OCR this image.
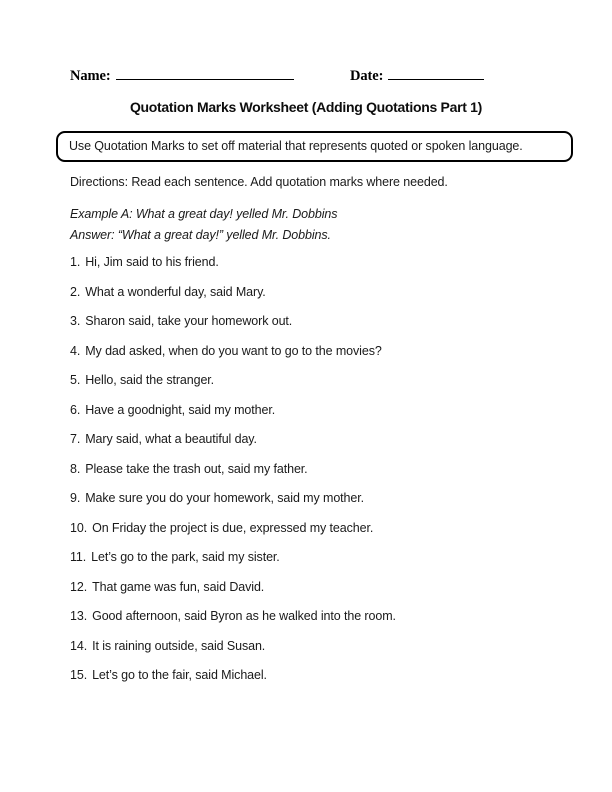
Name:	Date:
Quotation Marks Worksheet (Adding Quotations Part 1)
Use Quotation Marks to set off material that represents quoted or spoken language.

Directions: Read each sentence. Add quotation marks where needed.

Example A: What a great day! yelled Mr. Dobbins

Answer: “What a great day!” yelled Mr. Dobbins.

1. Hi, Jim said to his friend.
2. What a wonderful day, said Mary.
3. Sharon said, take your homework out.
4. My dad asked, when do you want to go to the movies?
5. Hello, said the stranger.
6. Have a goodnight, said my mother.
7. Mary said, what a beautiful day.
8. Please take the trash out, said my father.
9. Make sure you do your homework, said my mother.
10. On Friday the project is due, expressed my teacher.
11. Let’s go to the park, said my sister.
12. That game was fun, said David.
13. Good afternoon, said Byron as he walked into the room.
14. It is raining outside, said Susan.
15. Let’s go to the fair, said Michael.
